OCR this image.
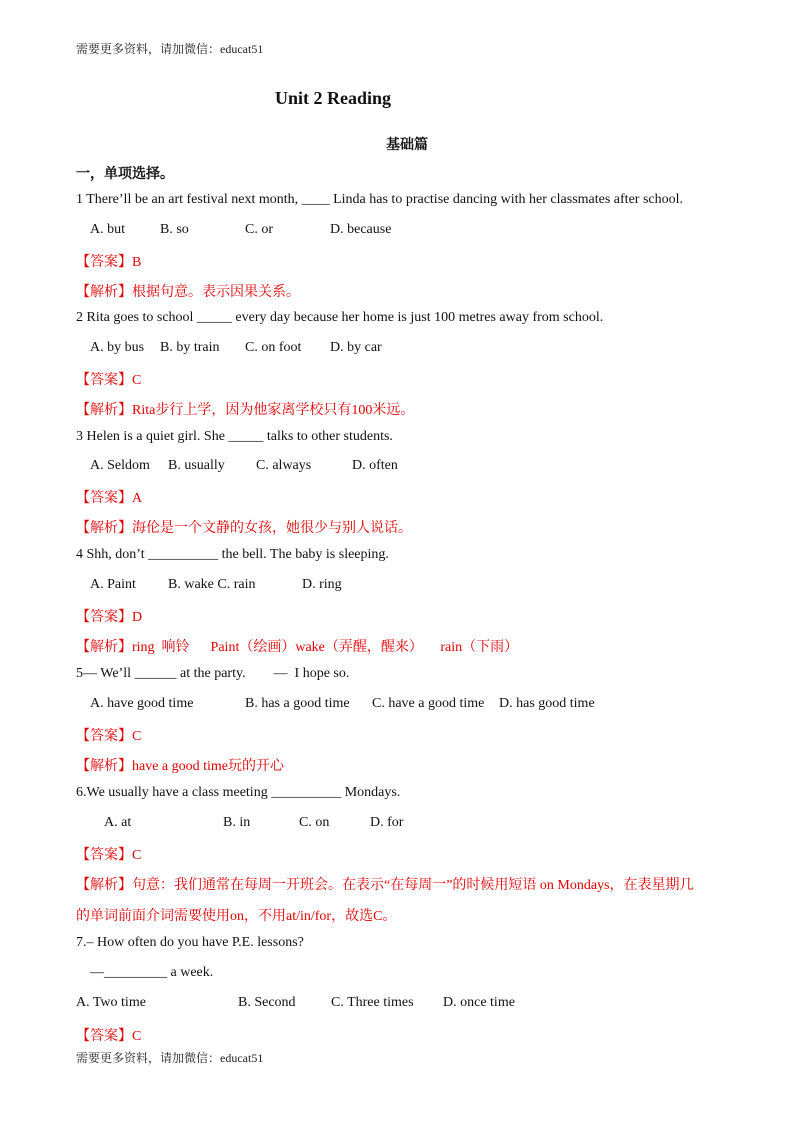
需要更多资料，请加微信：educat51
Unit 2 Reading
基础篇
一，单项选择。
1 There’ll be an art festival next month, ____ Linda has to practise dancing with her classmates after school.
A. but	B. so	C. or	D. because
【答案】B
【解析】根据句意。表示因果关系。
2 Rita goes to school _____ every day because her home is just 100 metres away from school.
A. by bus B. by train C. on foot D. by car
【答案】C
【解析】Rita步行上学，因为他家离学校只有100米远。
3 Helen is a quiet girl. She _____ talks to other students.
A. Seldom B. usually C. always	D. often
【答案】A
【解析】海伦是一个文静的女孩，她很少与别人说话。
4 Shh, don’t __________ the bell. The baby is sleeping.
A. Paint B. wake C. rain	D. ring
【答案】D
【解析】ring  响铃      Paint（绘画）wake（弄醒，醒来）     rain（下雨）
5— We’ll ______ at the party.        —  I hope so.
A. have good time	B. has a good time C. have a good time D. has good time
【答案】C
【解析】have a good time玩的开心
6.We usually have a class meeting __________ Mondays.
A. at	B. in	C. on	D. for
【答案】C
【解析】句意：我们通常在每周一开班会。在表示“在每周一”的时候用短语 on Mondays，在表星期几
的单词前面介词需要使用on，不用at/in/for，故选C。
7.– How often do you have P.E. lessons?
—_________ a week.
A. Two time	B. Second	C. Three times D. once time
【答案】C
需要更多资料，请加微信：educat51
